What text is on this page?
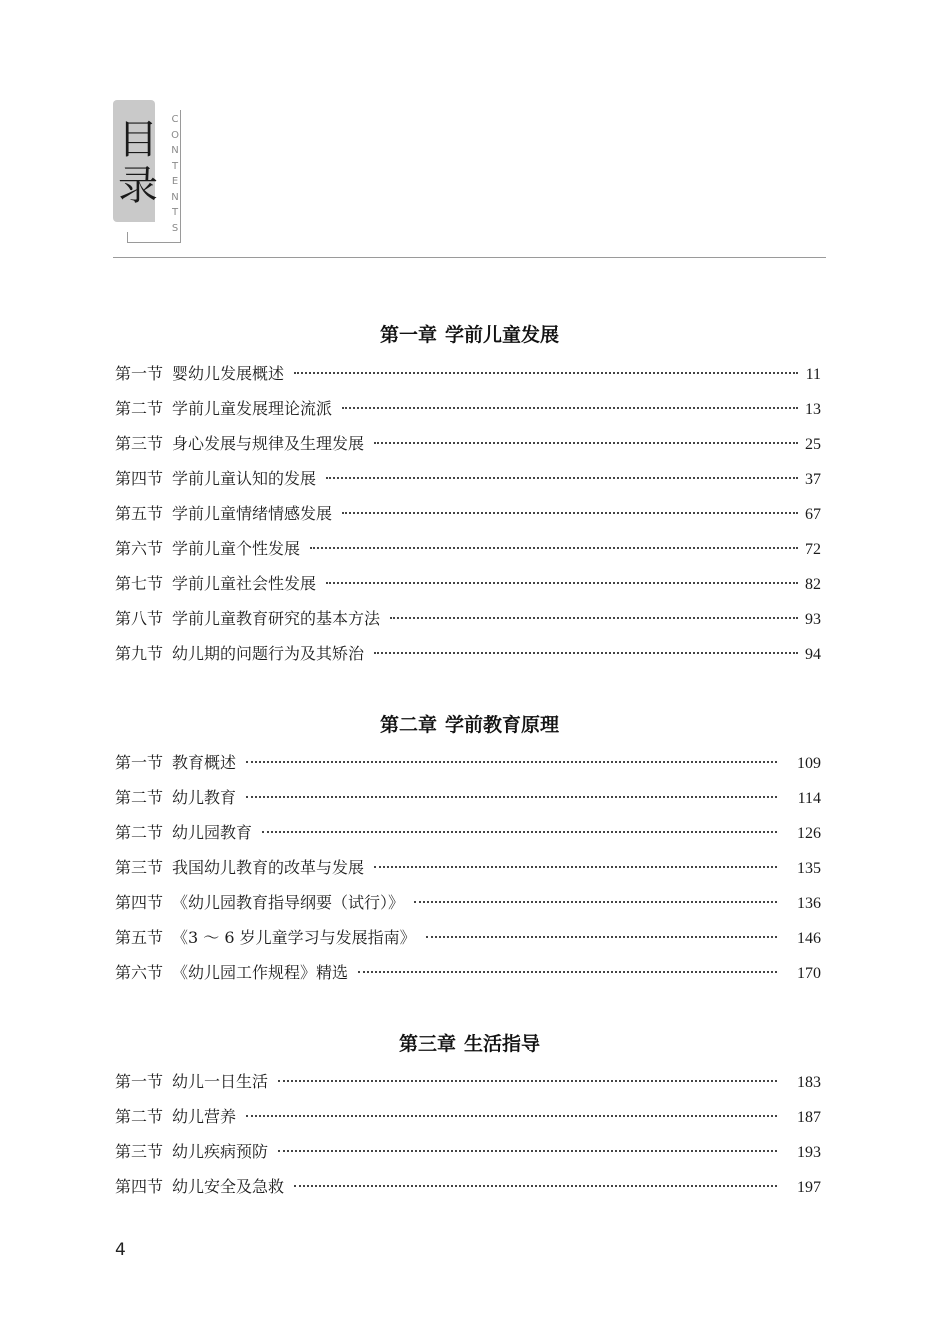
目
录
C
O
N
T
E
N
T
S
第一章 学前儿童发展
第一节 婴幼儿发展概述	11
第二节 学前儿童发展理论流派	13
第三节 身心发展与规律及生理发展	25
第四节 学前儿童认知的发展	37
第五节 学前儿童情绪情感发展	67
第六节 学前儿童个性发展	72
第七节 学前儿童社会性发展	82
第八节 学前儿童教育研究的基本方法	93
第九节 幼儿期的问题行为及其矫治	94
第二章 学前教育原理
第一节 教育概述	109
第二节 幼儿教育	114
第二节 幼儿园教育	126
第三节 我国幼儿教育的改革与发展	135
第四节 《幼儿园教育指导纲要（试行）》	136
第五节 《3 ～ 6 岁儿童学习与发展指南》	146
第六节 《幼儿园工作规程》精选	170
第三章 生活指导
第一节 幼儿一日生活	183
第二节 幼儿营养	187
第三节 幼儿疾病预防	193
第四节 幼儿安全及急救	197
4
